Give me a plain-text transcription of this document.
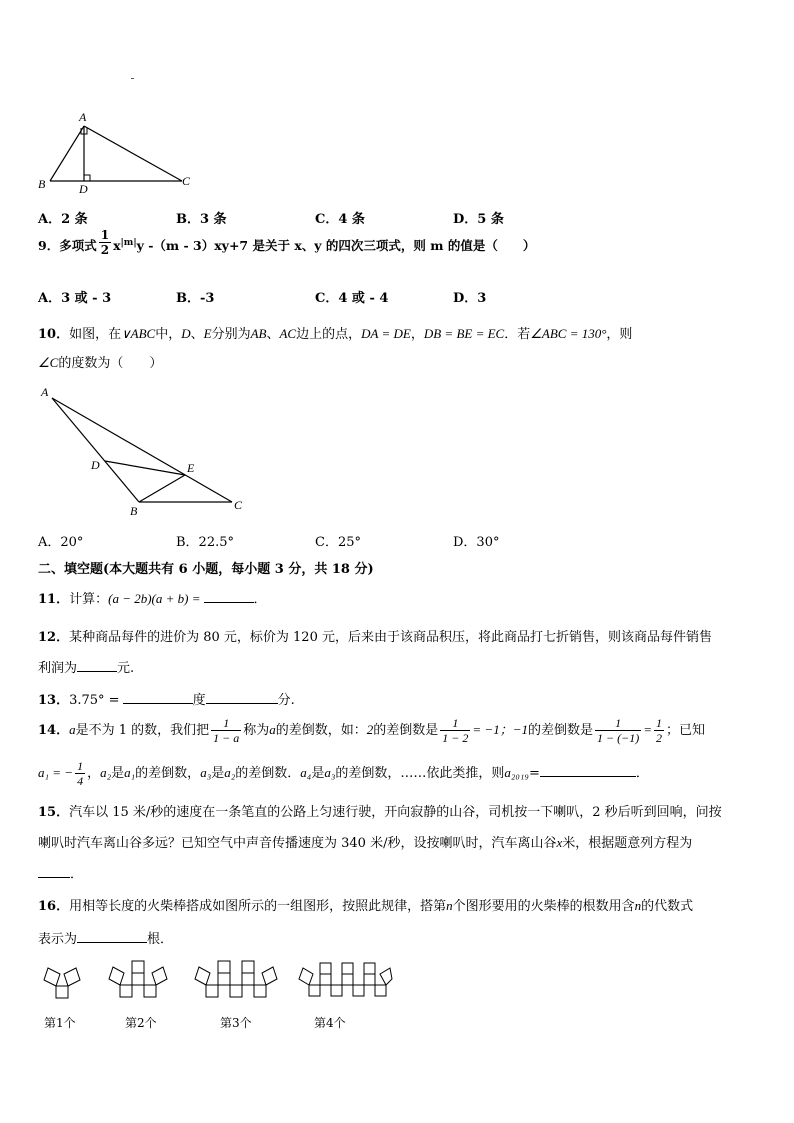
A
B	C
D
A．2 条	B．3 条	C．4 条	D．5 条
9．多项式 $\frac{1}{2} x^{|m|}y$ -（m - 3）xy+7 是关于 x、y 的四次三项式，则 m 的值是（　　）
A．3 或 - 3	B．-3	C．4 或 - 4	D．3
10．如图，在∨ABC中，D、E分别为AB、AC边上的点，DA = DE，DB = BE = EC．若∠ABC = 130°，则
∠C的度数为（　　）
A
D	E
B	C
A．20°	B．22.5°	C．25°	D．30°
二、填空题(本大题共有 6 小题，每小题 3 分，共 18 分)
11．计算：(a − 2b)(a + b) =	．
12．某种商品每件的进价为 80 元，标价为 120 元，后来由于该商品积压，将此商品打七折销售，则该商品每件销售
利润为	元.
13．3.75° =	度	分.
14．a是不为 1 的数，我们把 $\frac{1}{1 - a}$ 称为a的差倒数，如：2的差倒数是 $\frac{1}{1 - 2} = -1$；−1的差倒数是 $\frac{1}{1 - (-1)} = \frac{1}{2}$ ；已知
a₁ = − $\frac{1}{4}$ ，a₂是a₁的差倒数，a₃是a₂的差倒数．a₄是a₃的差倒数，……依此类推，则a₂₀₁₉=	．
15．汽车以 15 米/秒的速度在一条笔直的公路上匀速行驶，开向寂静的山谷，司机按一下喇叭，2 秒后听到回响，问按
喇叭时汽车离山谷多远？已知空气中声音传播速度为 340 米/秒，设按喇叭时，汽车离山谷x米，根据题意列方程为
．
16．用相等长度的火柴棒搭成如图所示的一组图形，按照此规律，搭第n个图形要用的火柴棒的根数用含n的代数式
表示为	根．
第1个	第2个	第3个	第4个
